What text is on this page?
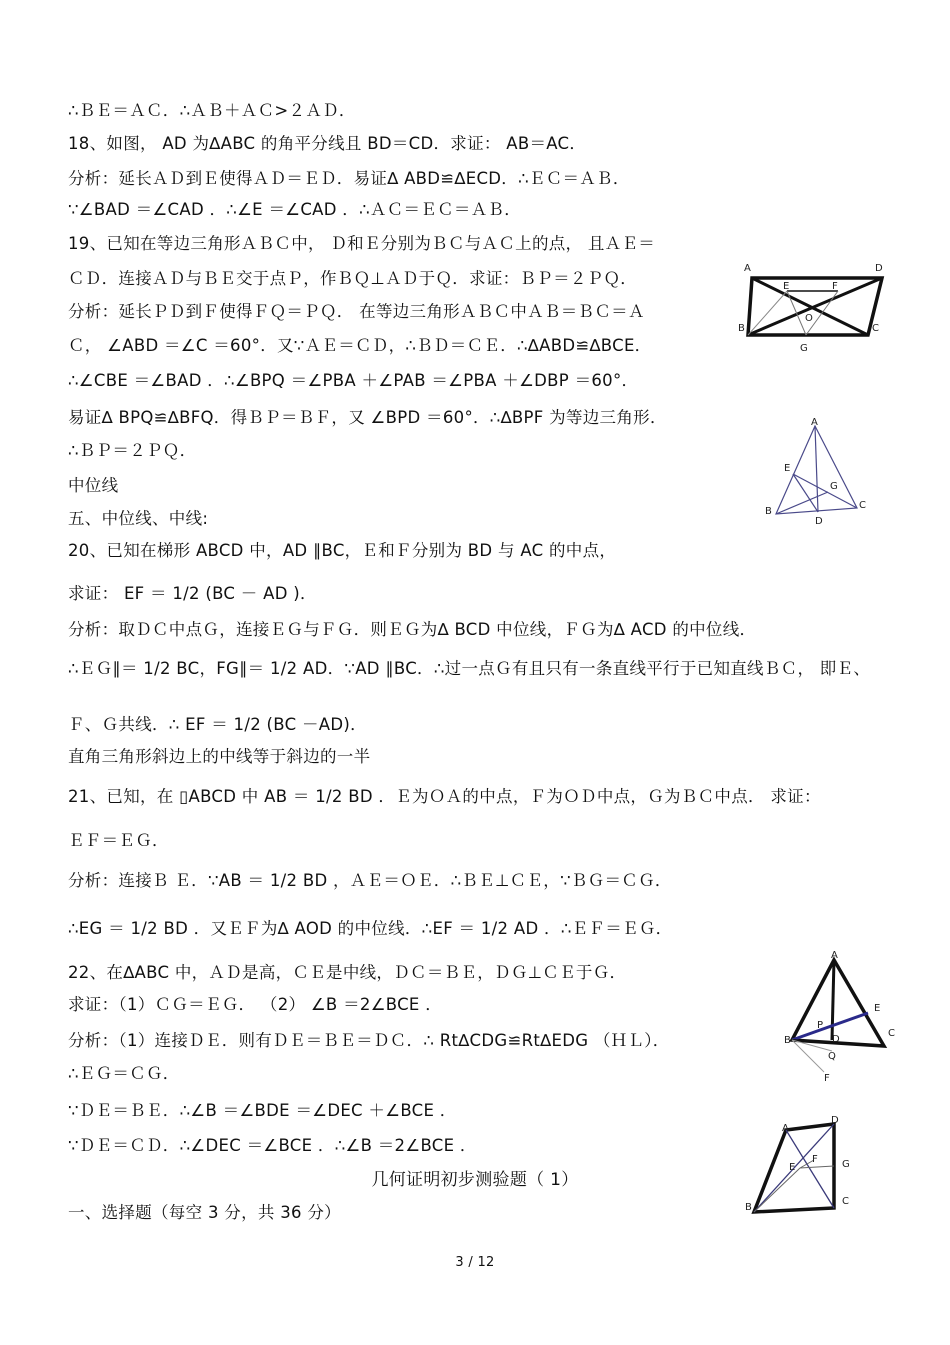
∴ＢＥ＝ＡＣ．∴ＡＢ＋ＡＣ>２ＡＤ．
18、如图， AD 为∆ABC 的角平分线且 BD＝CD．求证： AB＝AC．
分析：延长ＡＤ到Ｅ使得ＡＤ＝ＥＤ．易证∆ ABD≌∆ECD．∴ＥＣ＝ＡＢ．
∵∠BAD ＝∠CAD ．∴∠E ＝∠CAD ．∴ＡＣ＝ＥＣ＝ＡＢ．
19、已知在等边三角形ＡＢＣ中， Ｄ和Ｅ分别为ＢＣ与ＡＣ上的点， 且ＡＥ＝
ＣＤ．连接ＡＤ与ＢＥ交于点Ｐ，作ＢＱ⊥ＡＤ于Ｑ．求证：ＢＰ＝２ＰＱ．
分析：延长ＰＤ到Ｆ使得ＦＱ＝ＰＱ． 在等边三角形ＡＢＣ中ＡＢ＝ＢＣ＝Ａ
Ｃ， ∠ABD ＝∠C ＝60°．又∵ＡＥ＝ＣＤ，∴ＢＤ＝ＣＥ．∴∆ABD≌∆BCE．
∴∠CBE ＝∠BAD ．∴∠BPQ ＝∠PBA ＋∠PAB ＝∠PBA ＋∠DBP ＝60°．
易证∆ BPQ≌∆BFQ．得ＢＰ＝ＢＦ，又 ∠BPD ＝60°．∴∆BPF 为等边三角形．
∴ＢＰ＝２ＰＱ．
中位线
五、中位线、中线:
20、已知在梯形 ABCD 中，AD ∥BC，Ｅ和Ｆ分别为 BD 与 AC 的中点，
求证： EF ＝ 1/2 (BC － AD )．
分析：取ＤＣ中点Ｇ，连接ＥＧ与ＦＧ．则ＥＧ为∆ BCD 中位线，ＦＧ为∆ ACD 的中位线．
∴ＥＧ∥＝ 1/2 BC，FG∥＝ 1/2 AD．∵AD ∥BC．∴过一点Ｇ有且只有一条直线平行于已知直线ＢＣ， 即Ｅ、
Ｆ、Ｇ共线．∴ EF ＝ 1/2 (BC －AD)．
直角三角形斜边上的中线等于斜边的一半
21、已知，在 ▯ABCD 中 AB ＝ 1/2 BD ．Ｅ为ＯＡ的中点，Ｆ为ＯＤ中点，Ｇ为ＢＣ中点． 求证：
ＥＦ＝ＥＧ．
分析：连接Ｂ Ｅ．∵AB ＝ 1/2 BD ，ＡＥ＝ＯＥ．∴ＢＥ⊥ＣＥ，∵ＢＧ＝ＣＧ．
∴EG ＝ 1/2 BD ．又ＥＦ为∆ AOD 的中位线．∴EF ＝ 1/2 AD ．∴ＥＦ＝ＥＧ．
22、在∆ABC 中，ＡＤ是高，ＣＥ是中线，ＤＣ＝ＢＥ，ＤＧ⊥ＣＥ于Ｇ．
求证：（1）ＣＧ＝ＥＧ． （2） ∠B ＝2∠BCE ．
分析：（1）连接ＤＥ．则有ＤＥ＝ＢＥ＝ＤＣ．∴ Rt∆CDG≌Rt∆EDG （ＨＬ）．
∴ＥＧ＝ＣＧ．
∵ＤＥ＝ＢＥ．∴∠B ＝∠BDE ＝∠DEC ＋∠BCE ．
∵ＤＥ＝ＣＤ．∴∠DEC ＝∠BCE ．∴∠B ＝2∠BCE ．
几何证明初步测验题（ 1）
一、选择题（每空 3 分，共 36 分）
3 / 12
A	D
E	F
O
B	C
G
A
E
G
B
D
C
A
E
C
P
B	D
Q
F
A
D
F G
E
B
C
